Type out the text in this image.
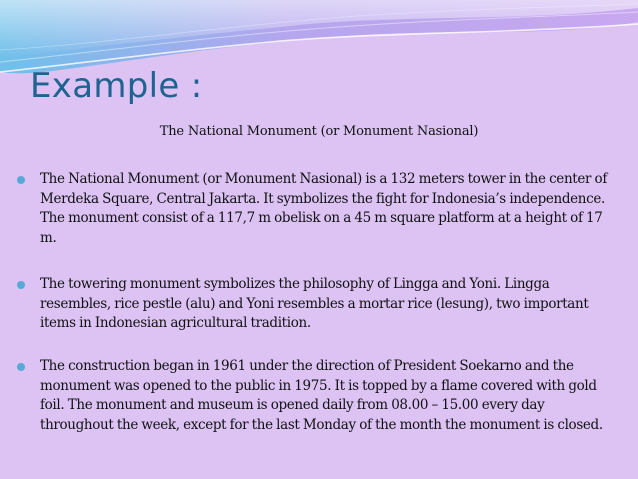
Example :
The National Monument (or Monument Nasional)
The National Monument (or Monument Nasional) is a 132 meters tower in the center of Merdeka Square, Central Jakarta. It symbolizes the fight for Indonesia’s independence. The monument consist of a 117,7 m obelisk on a 45 m square platform at a height of 17 m.
The towering monument symbolizes the philosophy of Lingga and Yoni. Lingga resembles, rice pestle (alu) and Yoni resembles a mortar rice (lesung), two important items in Indonesian agricultural tradition.
The construction began in 1961 under the direction of President Soekarno and the monument was opened to the public in 1975. It is topped by a flame covered with gold foil. The monument and museum is opened daily from 08.00 – 15.00 every day throughout the week, except for the last Monday of the month the monument is closed.
